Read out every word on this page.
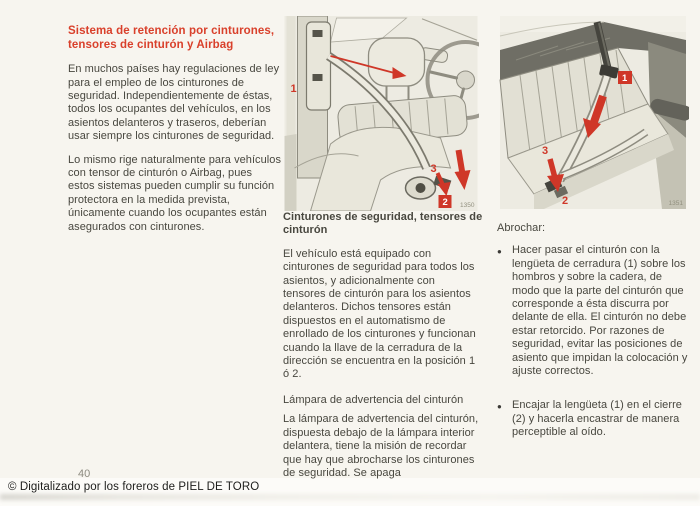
Sistema de retención por cinturones, tensores de cinturón y Airbag

En muchos países hay regulaciones de ley para el empleo de los cinturones de seguridad. Independientemente de éstas, todos los ocupantes del vehículos, en los asientos delanteros y traseros, deberían usar siempre los cinturones de seguridad.

Lo mismo rige naturalmente para vehículos con tensor de cinturón o Airbag, pues estos sistemas pueden cumplir su función protectora en la medida prevista, únicamente cuando los ocupantes están asegurados con cinturones.

1
3
2 1350

Cinturones de seguridad, tensores de cinturón

El vehículo está equipado con cinturones de seguridad para todos los asientos, y adicionalmente con tensores de cinturón para los asientos delanteros. Dichos tensores están dispuestos en el automatismo de enrollado de los cinturones y funcionan cuando la llave de la cerradura de la dirección se encuentra en la posición 1 ó 2.

Lámpara de advertencia del cinturón

La lámpara de advertencia del cinturón, dispuesta debajo de la lámpara interior delantera, tiene la misión de recordar que hay que abrocharse los cinturones de seguridad. Se apaga

1
3
2	1351

Abrochar:

● Hacer pasar el cinturón con la lengüeta de cerradura (1) sobre los hombros y sobre la cadera, de modo que la parte del cinturón que corresponde a ésta discurra por delante de ella. El cinturón no debe estar retorcido. Por razones de seguridad, evitar las posiciones de asiento que impidan la colocación y ajuste correctos.
● Encajar la lengüeta (1) en el cierre (2) y hacerla encastrar de manera perceptible al oído.
40
© Digitalizado por los foreros de PIEL DE TORO
